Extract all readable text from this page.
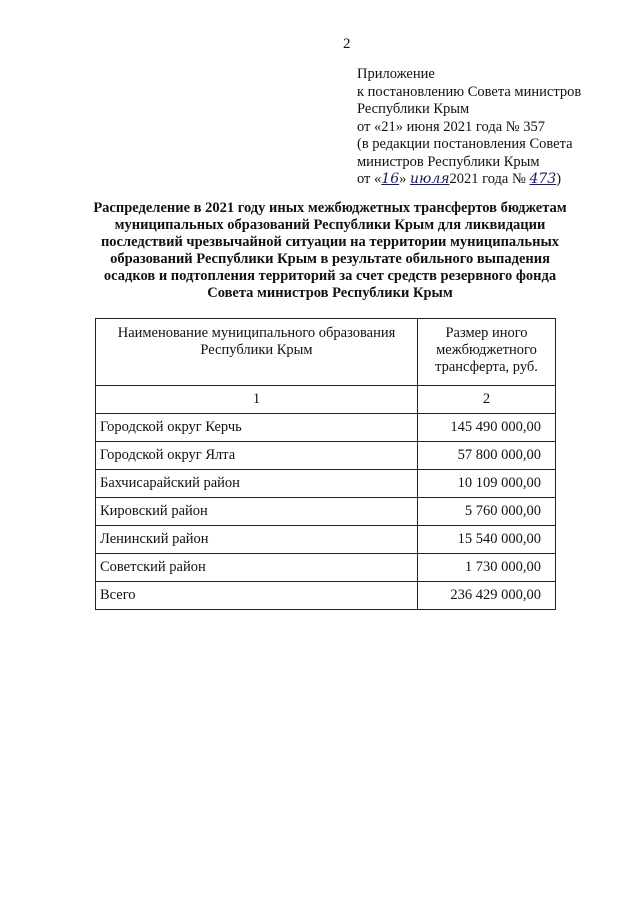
2
Приложение
к постановлению Совета министров
Республики Крым
от «21» июня 2021 года № 357
(в редакции постановления Совета
министров Республики Крым
от «16» июля2021 года № 473)
Распределение в 2021 году иных межбюджетных трансфертов бюджетам
муниципальных образований Республики Крым для ликвидации
последствий чрезвычайной ситуации на территории муниципальных
образований Республики Крым в результате обильного выпадения
осадков и подтопления территорий за счет средств резервного фонда
Совета министров Республики Крым
Наименование муниципального образования Республики Крым	Размер иного межбюджетного трансферта, руб.
1	2
Городской округ Керчь	145 490 000,00
Городской округ Ялта	57 800 000,00
Бахчисарайский район	10 109 000,00
Кировский район	5 760 000,00
Ленинский район	15 540 000,00
Советский район	1 730 000,00
Всего	236 429 000,00
